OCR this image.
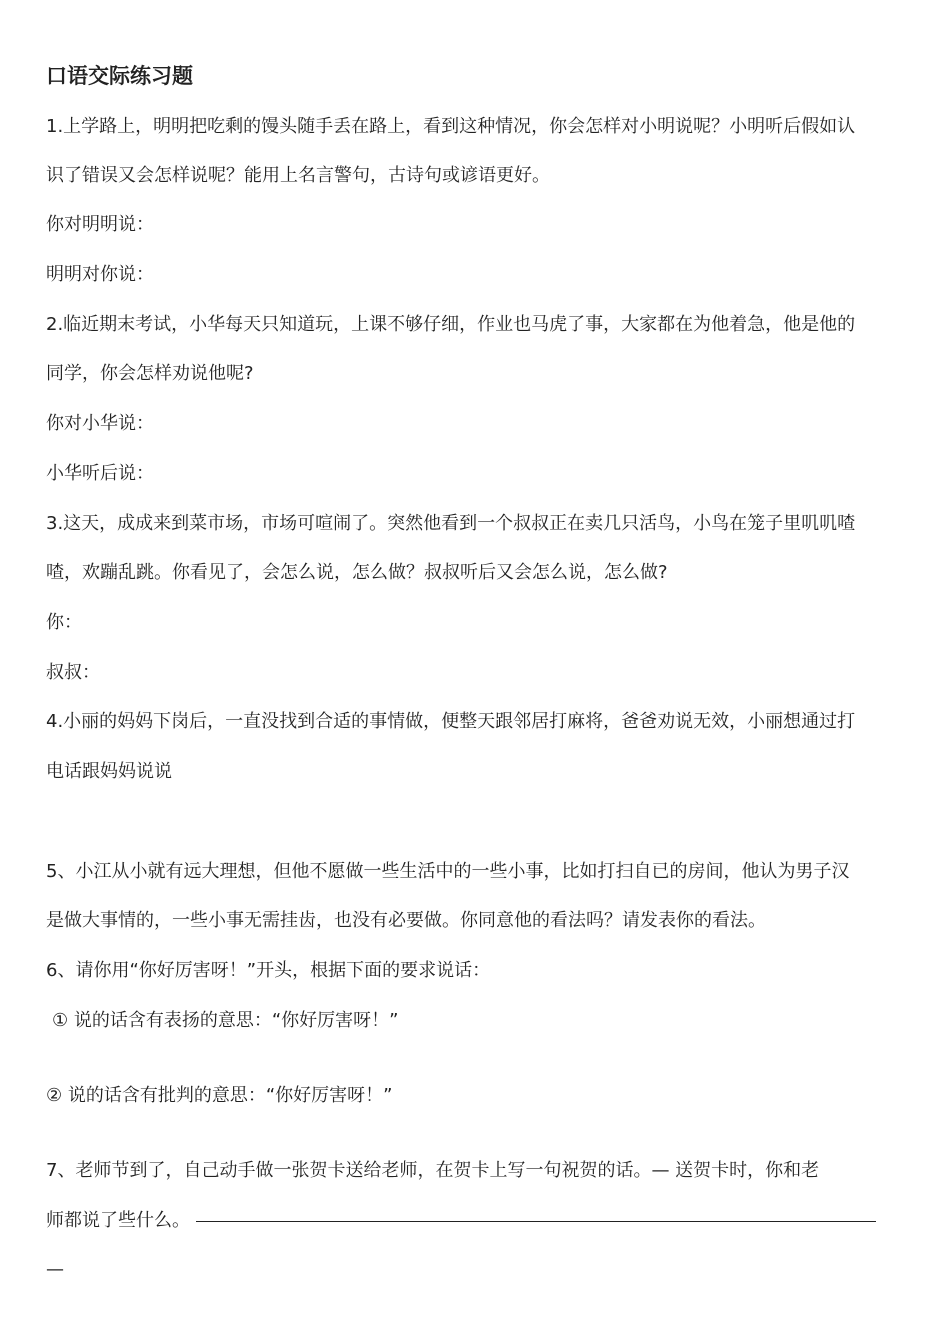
口语交际练习题
1.上学路上，明明把吃剩的馒头随手丢在路上，看到这种情况，你会怎样对小明说呢？小明听后假如认
识了错误又会怎样说呢？能用上名言警句，古诗句或谚语更好。
你对明明说：
明明对你说：
2.临近期末考试，小华每天只知道玩，上课不够仔细，作业也马虎了事，大家都在为他着急，他是他的
同学，你会怎样劝说他呢?
你对小华说：
小华听后说：
3.这天，成成来到菜市场，市场可喧闹了。突然他看到一个叔叔正在卖几只活鸟，小鸟在笼子里叽叽喳
喳，欢蹦乱跳。你看见了，会怎么说，怎么做？叔叔听后又会怎么说，怎么做?
你：
叔叔：
4.小丽的妈妈下岗后，一直没找到合适的事情做，便整天跟邻居打麻将，爸爸劝说无效，小丽想通过打
电话跟妈妈说说
5、小江从小就有远大理想，但他不愿做一些生活中的一些小事，比如打扫自已的房间，他认为男子汉
是做大事情的，一些小事无需挂齿，也没有必要做。你同意他的看法吗？请发表你的看法。
6、请你用“你好厉害呀！”开头，根据下面的要求说话：
① 说的话含有表扬的意思：“你好厉害呀！”
② 说的话含有批判的意思：“你好厉害呀！”
7、老师节到了，自己动手做一张贺卡送给老师，在贺卡上写一句祝贺的话。— 送贺卡时，你和老
师都说了些什么。
—
